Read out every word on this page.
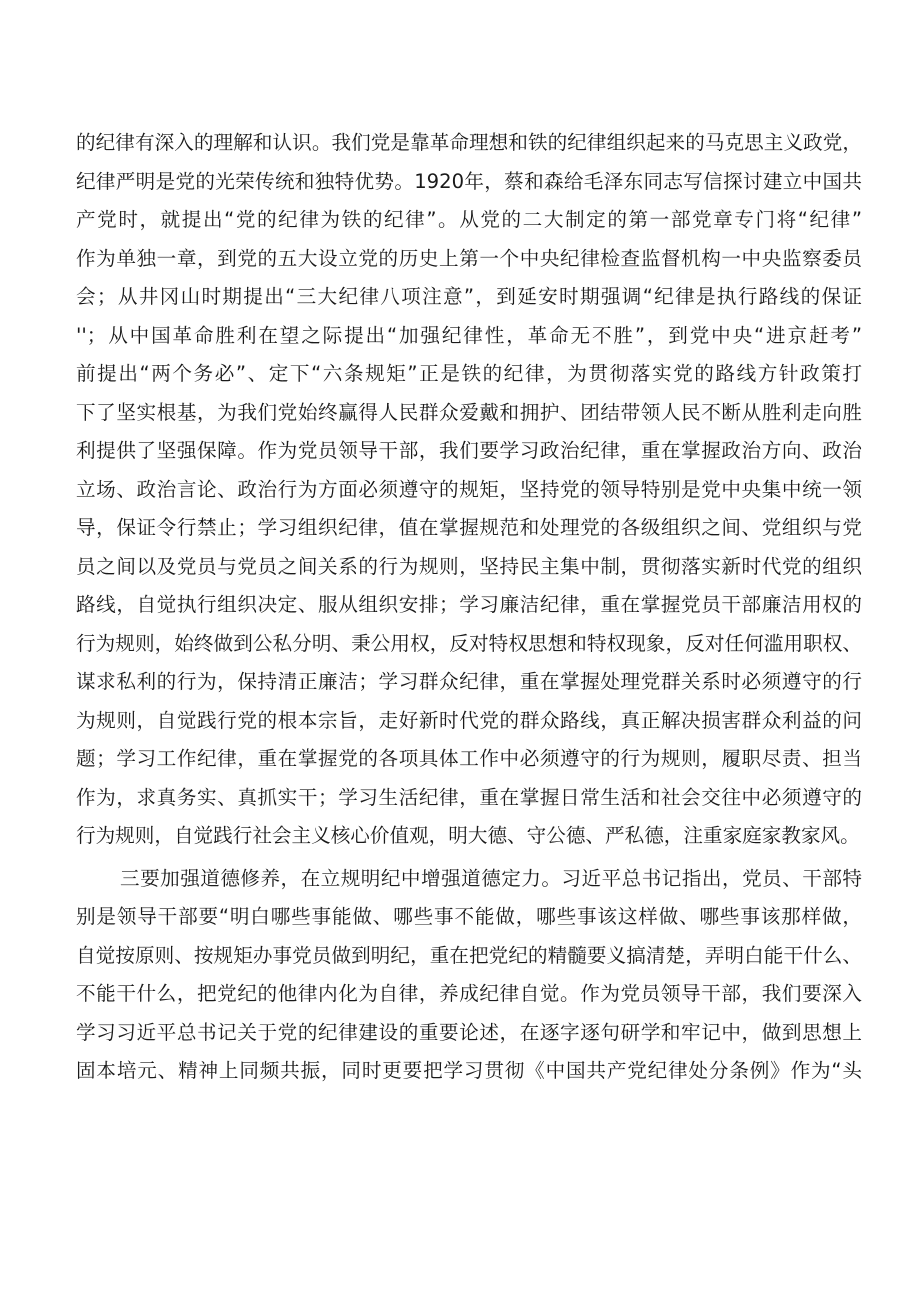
的纪律有深入的理解和认识。我们党是靠革命理想和铁的纪律组织起来的马克思主义政党，
纪律严明是党的光荣传统和独特优势。1920年，蔡和森给毛泽东同志写信探讨建立中国共
产党时，就提出“党的纪律为铁的纪律”。从党的二大制定的第一部党章专门将“纪律”
作为单独一章，到党的五大设立党的历史上第一个中央纪律检查监督机构一中央监察委员
会；从井冈山时期提出“三大纪律八项注意”，到延安时期强调“纪律是执行路线的保证
''；从中国革命胜利在望之际提出“加强纪律性，革命无不胜”，到党中央“进京赶考”
前提出“两个务必”、定下“六条规矩”正是铁的纪律，为贯彻落实党的路线方针政策打
下了坚实根基，为我们党始终赢得人民群众爱戴和拥护、团结带领人民不断从胜利走向胜
利提供了坚强保障。作为党员领导干部，我们要学习政治纪律，重在掌握政治方向、政治
立场、政治言论、政治行为方面必须遵守的规矩，坚持党的领导特别是党中央集中统一领
导，保证令行禁止；学习组织纪律，值在掌握规范和处理党的各级组织之间、党组织与党
员之间以及党员与党员之间关系的行为规则，坚持民主集中制，贯彻落实新时代党的组织
路线，自觉执行组织决定、服从组织安排；学习廉洁纪律，重在掌握党员干部廉洁用权的
行为规则，始终做到公私分明、秉公用权，反对特权思想和特权现象，反对任何滥用职权、
谋求私利的行为，保持清正廉洁；学习群众纪律，重在掌握处理党群关系时必须遵守的行
为规则，自觉践行党的根本宗旨，走好新时代党的群众路线，真正解决损害群众利益的问
题；学习工作纪律，重在掌握党的各项具体工作中必须遵守的行为规则，履职尽责、担当
作为，求真务实、真抓实干；学习生活纪律，重在掌握日常生活和社会交往中必须遵守的
行为规则，自觉践行社会主义核心价值观，明大德、守公德、严私德，注重家庭家教家风。
三要加强道德修养，在立规明纪中增强道德定力。习近平总书记指出，党员、干部特
别是领导干部要“明白哪些事能做、哪些事不能做，哪些事该这样做、哪些事该那样做，
自觉按原则、按规矩办事党员做到明纪，重在把党纪的精髓要义搞清楚，弄明白能干什么、
不能干什么，把党纪的他律内化为自律，养成纪律自觉。作为党员领导干部，我们要深入
学习习近平总书记关于党的纪律建设的重要论述，在逐字逐句研学和牢记中，做到思想上
固本培元、精神上同频共振，同时更要把学习贯彻《中国共产党纪律处分条例》作为“头
